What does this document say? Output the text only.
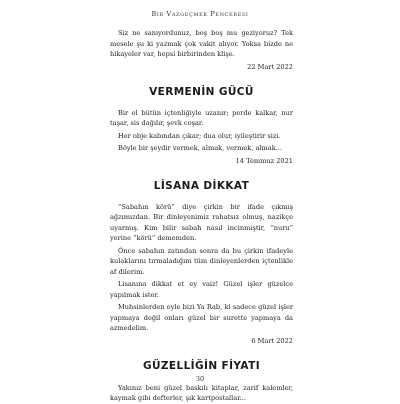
Bir Vazgeçmek Penceresi

Siz ne sanıyordunuz, boş boş mu geziyoruz? Tek mesele şu ki yazmak çok vakit alıyor. Yoksa bizde ne hikayeler var, hepsi birbirinden klişe.

22 Mart 2022
VERMENİN GÜCÜ

Bir el bütün içtenliğiyle uzanır; perde kalkar, nur taşar, sis dağılır, şevk coşar.

Her obje kabından çıkar; dua olur, iyileştirir sizi.

Böyle bir şeydir vermek, almak, vermek, almak...

14 Temmuz 2021
LİSANA DİKKAT

“Sabahın körü” diye çirkin bir ifade çıkmış ağzımızdan. Bir dinleyenimiz rahatsız olmuş, nazikçe uyarmış. Kim bilir sabah nasıl incinmiştir, “nuru” yerine “körü” dememden.

Önce sabahın zatından sonra da bu çirkin ifadeyle kulaklarını tırmaladığım tüm dinleyenlerden içtenlikle af dilerim.

Lisanına dikkat et ey vaiz! Güzel işler güzelce yapılmak ister.

Muhsinlerden eyle bizi Ya Rab, ki sadece güzel işler yapmaya değil onları güzel bir surette yapmaya da azmedelim.

6 Mart 2022
GÜZELLİĞİN FİYATI

Yakınız beni güzel baskılı kitaplar, zarif kalemler, kaymak gibi defterler, şık kartpostallar...

30
